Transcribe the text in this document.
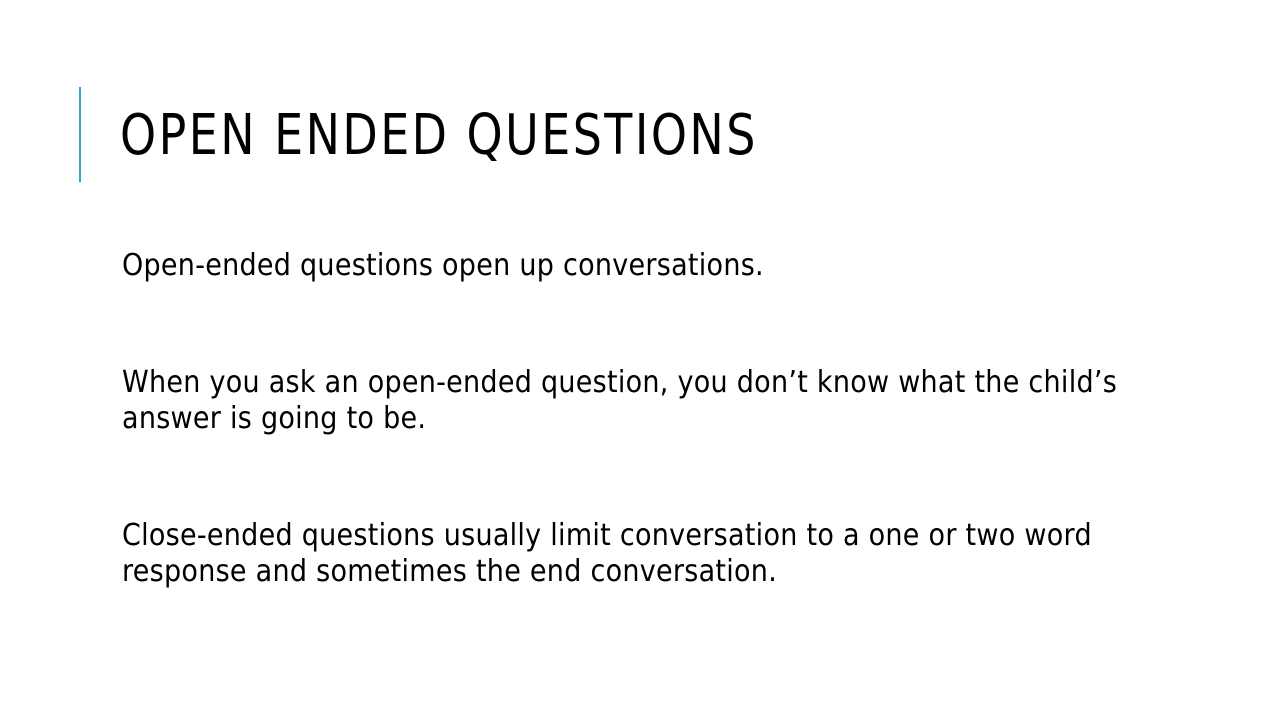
OPEN ENDED QUESTIONS

Open-ended questions open up conversations.

When you ask an open-ended question, you don’t know what the child’s answer is going to be.

Close-ended questions usually limit conversation to a one or two word response and sometimes the end conversation.
